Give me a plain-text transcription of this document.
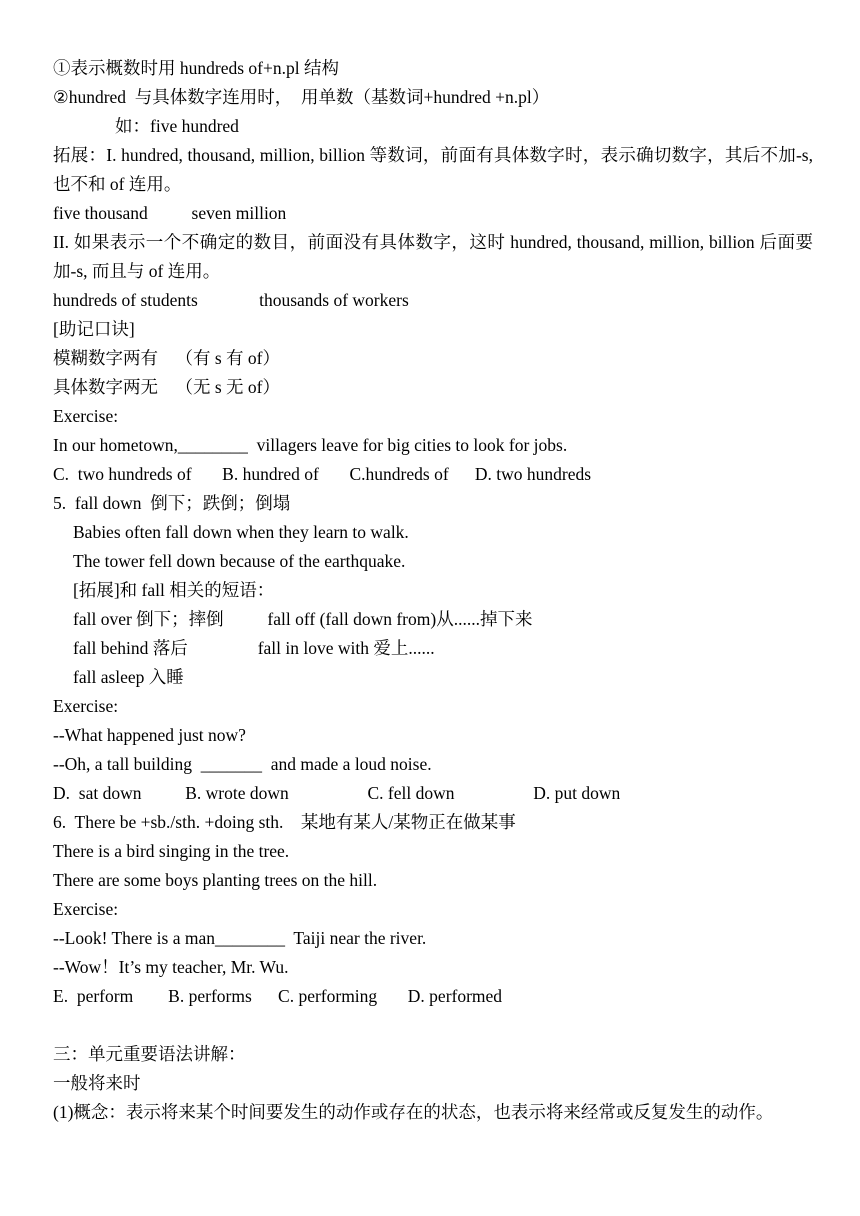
①表示概数时用 hundreds of+n.pl 结构
②hundred  与具体数字连用时，  用单数（基数词+hundred +n.pl）
如：five hundred
拓展：I. hundred, thousand, million, billion 等数词，前面有具体数字时，表示确切数字，其后不加-s,也不和 of 连用。
five thousand          seven million
II. 如果表示一个不确定的数目，前面没有具体数字，这时 hundred, thousand, million, billion 后面要加-s, 而且与 of 连用。
hundreds of students              thousands of workers
[助记口诀]
模糊数字两有    （有 s 有 of）
具体数字两无    （无 s 无 of）
Exercise:
In our hometown,________  villagers leave for big cities to look for jobs.
C.  two hundreds of       B. hundred of       C.hundreds of      D. two hundreds
5.  fall down  倒下；跌倒；倒塌
Babies often fall down when they learn to walk.
The tower fell down because of the earthquake.
[拓展]和 fall 相关的短语：
fall over 倒下；摔倒          fall off (fall down from)从......掉下来
fall behind 落后                fall in love with 爱上......
fall asleep 入睡
Exercise:
--What happened just now?
--Oh, a tall building  _______  and made a loud noise.
D.  sat down          B. wrote down                  C. fell down                  D. put down
6.  There be +sb./sth. +doing sth.    某地有某人/某物正在做某事
There is a bird singing in the tree.
There are some boys planting trees on the hill.
Exercise:
--Look! There is a man________  Taiji near the river.
--Wow！It’s my teacher, Mr. Wu.
E.  perform        B. performs      C. performing       D. performed
三：单元重要语法讲解：
一般将来时
(1)概念：表示将来某个时间要发生的动作或存在的状态，也表示将来经常或反复发生的动作。
